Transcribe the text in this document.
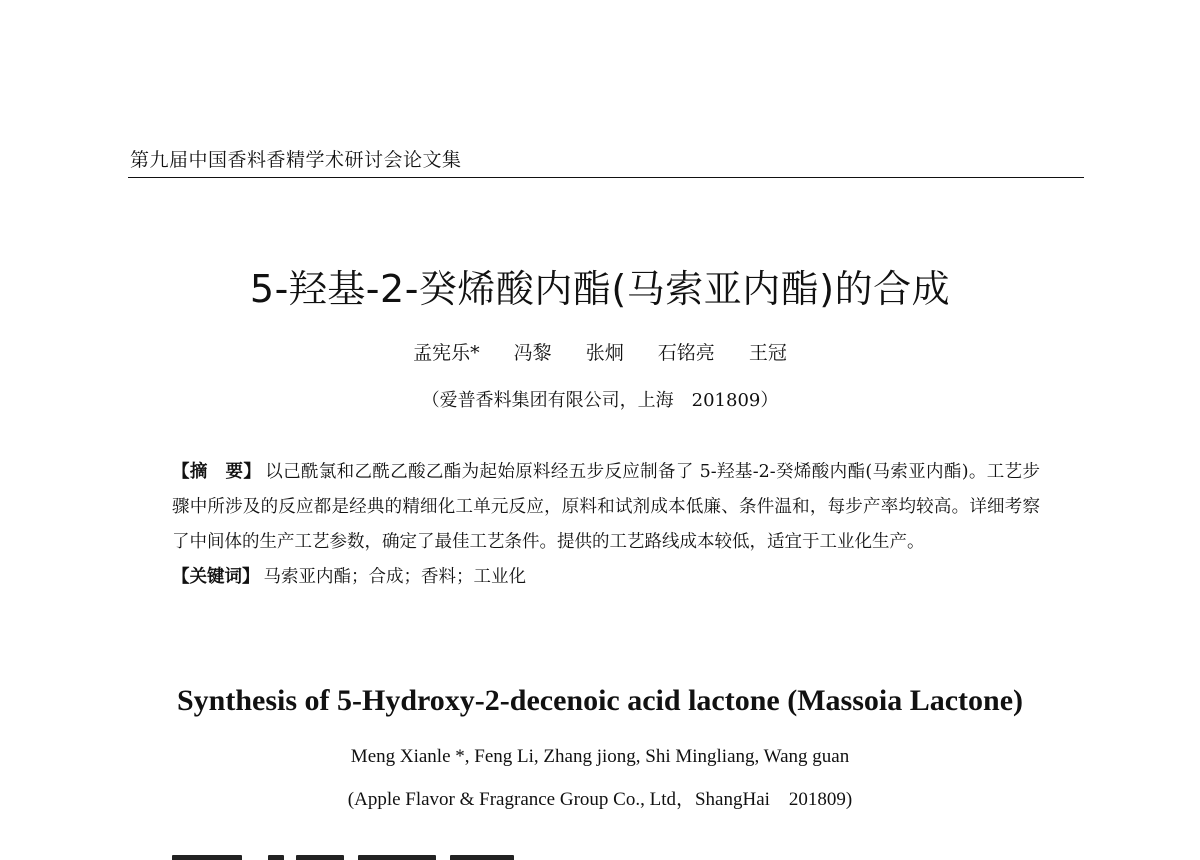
第九届中国香料香精学术研讨会论文集
5-羟基-2-癸烯酸内酯(马索亚内酯)的合成
孟宪乐* 冯黎 张炯 石铭亮 王冠
（爱普香料集团有限公司，上海　201809）
【摘　要】 以己酰氯和乙酰乙酸乙酯为起始原料经五步反应制备了 5-羟基-2-癸烯酸内酯(马索亚内酯)。工艺步骤中所涉及的反应都是经典的精细化工单元反应，原料和试剂成本低廉、条件温和，每步产率均较高。详细考察了中间体的生产工艺参数，确定了最佳工艺条件。提供的工艺路线成本较低，适宜于工业化生产。
【关键词】 马索亚内酯；合成；香料；工业化
Synthesis of 5-Hydroxy-2-decenoic acid lactone (Massoia Lactone)
Meng Xianle *, Feng Li, Zhang jiong, Shi Mingliang, Wang guan
(Apple Flavor & Fragrance Group Co., Ltd，ShangHai　201809)
